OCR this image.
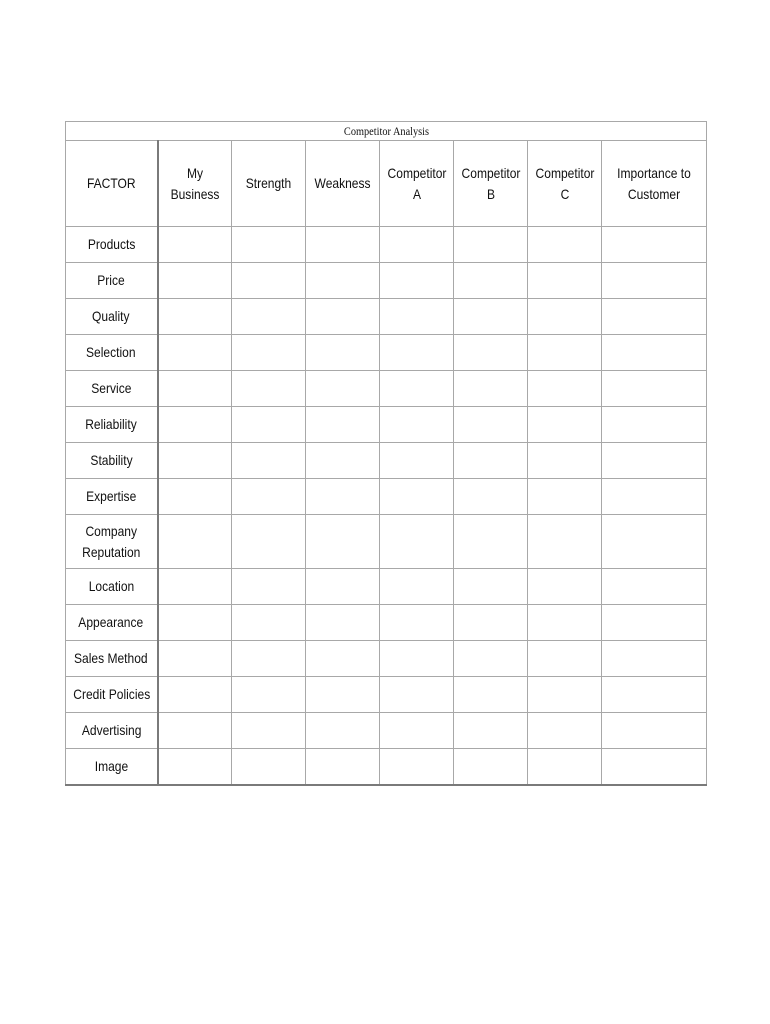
Competitor Analysis							
FACTOR	My Business	Strength	Weakness	Competitor A	Competitor B	Competitor C	Importance to Customer
Products							
Price							
Quality							
Selection							
Service							
Reliability							
Stability							
Expertise							
Company Reputation							
Location							
Appearance							
Sales Method							
Credit Policies							
Advertising							
Image							
